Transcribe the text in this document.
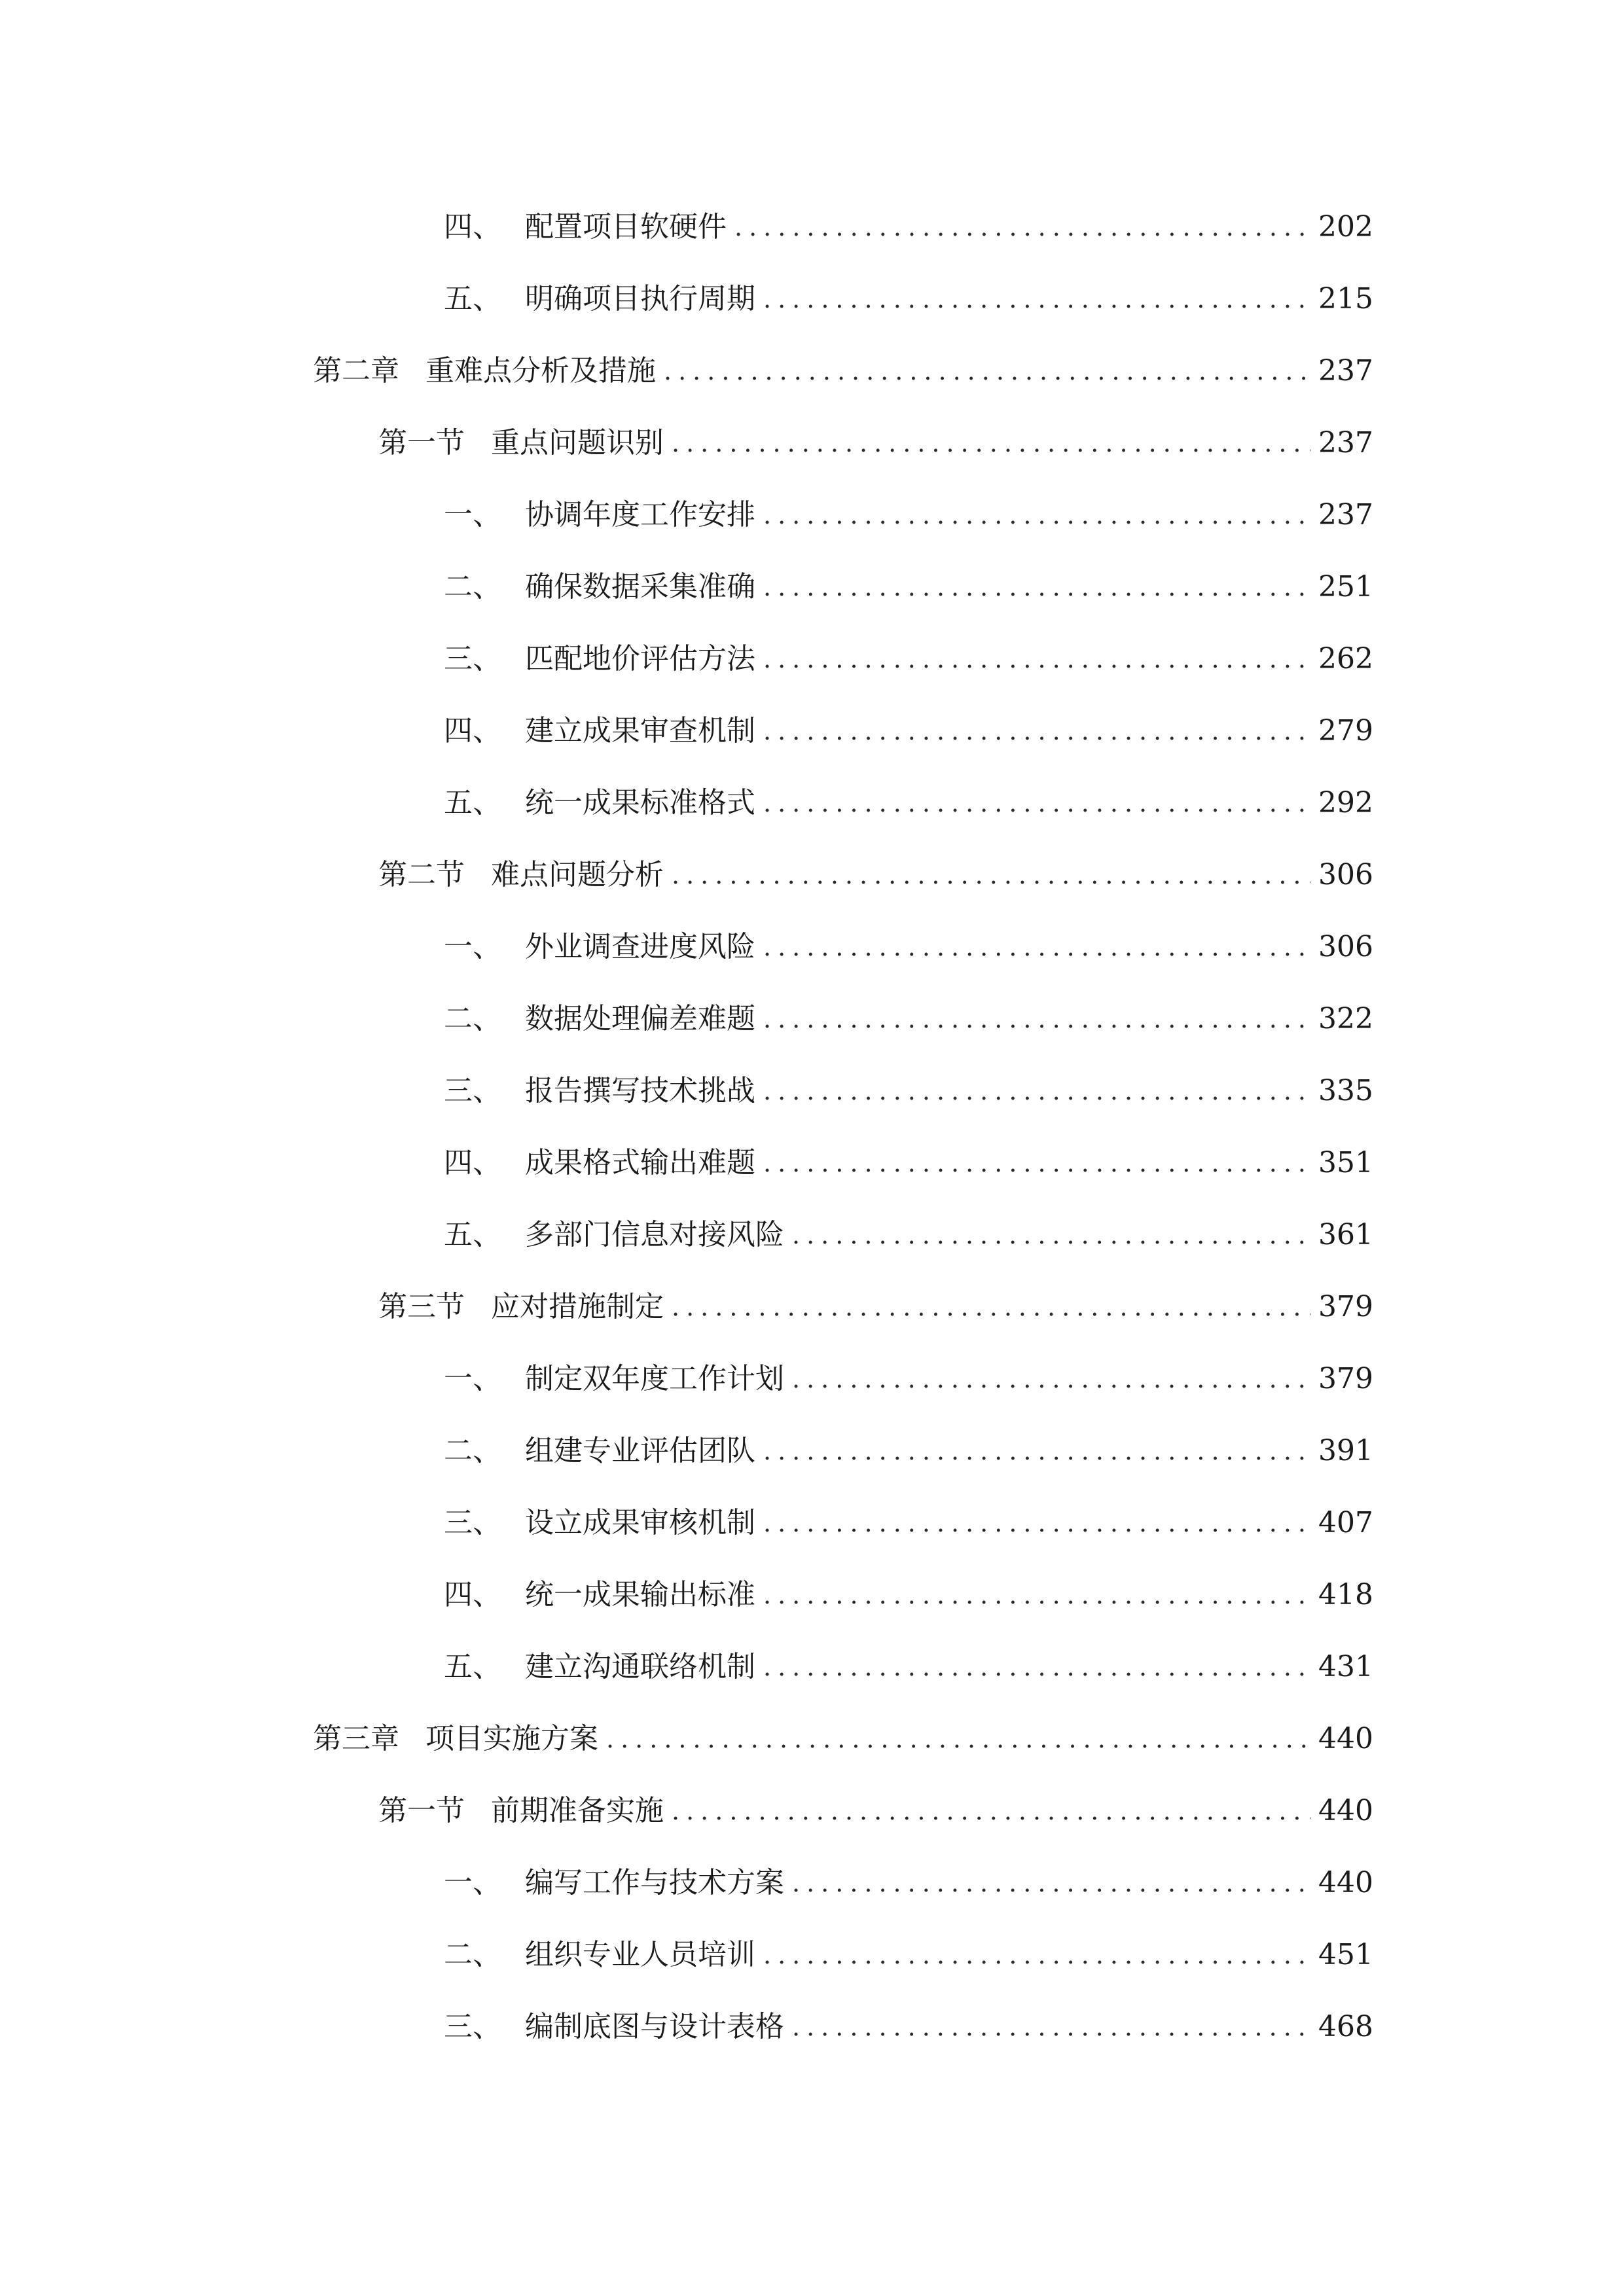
四、 配置项目软硬件 .....	202
五、 明确项目执行周期 .....	215
第二章 重难点分析及措施 .....	237
第一节 重点问题识别 .....	237
一、 协调年度工作安排 .....	237
二、 确保数据采集准确 .....	251
三、 匹配地价评估方法 .....	262
四、 建立成果审查机制 .....	279
五、 统一成果标准格式 .....	292
第二节 难点问题分析 .....	306
一、 外业调查进度风险 .....	306
二、 数据处理偏差难题 .....	322
三、 报告撰写技术挑战 .....	335
四、 成果格式输出难题 .....	351
五、 多部门信息对接风险 .....	361
第三节 应对措施制定 .....	379
一、 制定双年度工作计划 .....	379
二、 组建专业评估团队 .....	391
三、 设立成果审核机制 .....	407
四、 统一成果输出标准 .....	418
五、 建立沟通联络机制 .....	431
第三章 项目实施方案 .....	440
第一节 前期准备实施 .....	440
一、 编写工作与技术方案 .....	440
二、 组织专业人员培训 .....	451
三、 编制底图与设计表格 .....	468
